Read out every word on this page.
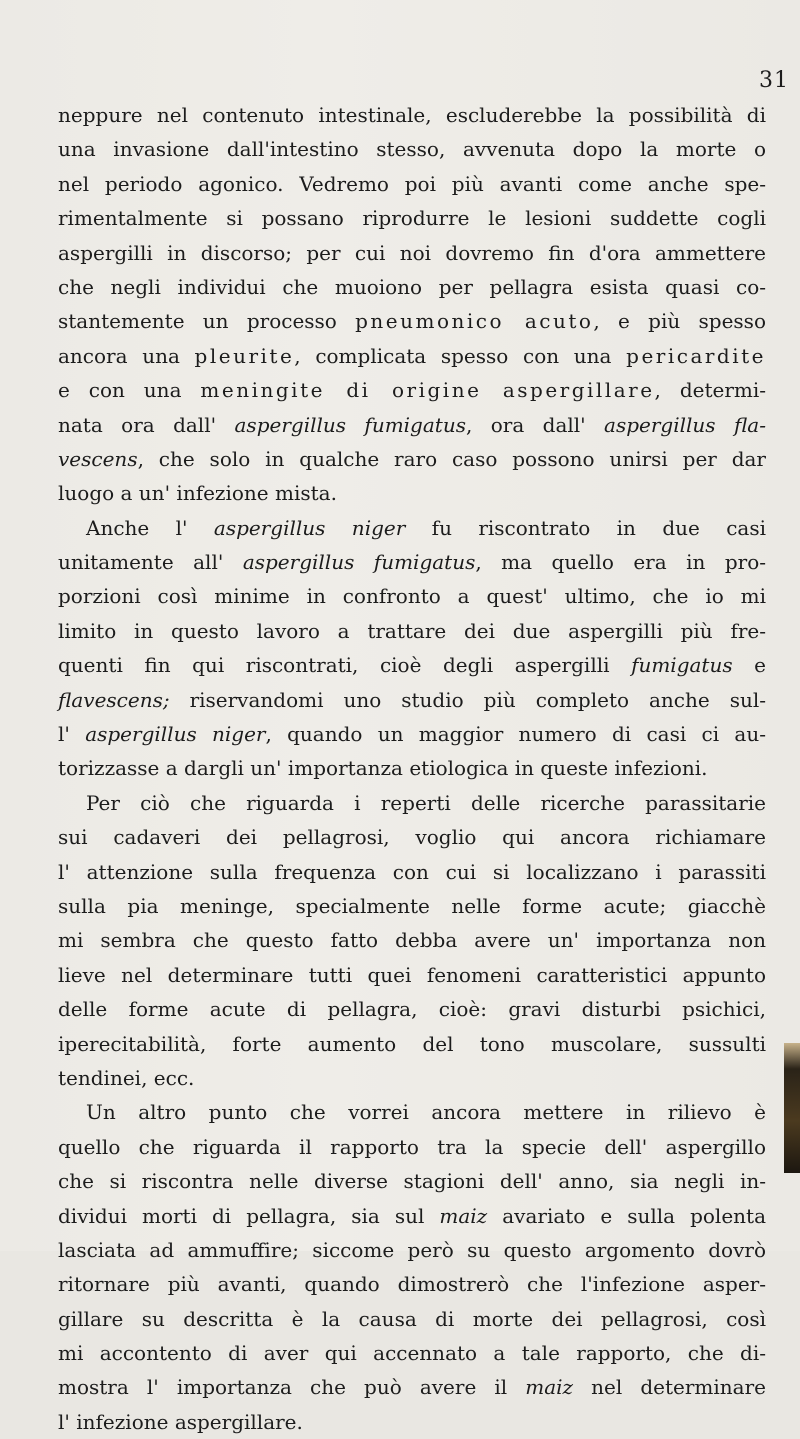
31
neppure nel contenuto intestinale, escluderebbe la possibilità di
una invasione dall'intestino stesso, avvenuta dopo la morte o
nel periodo agonico. Vedremo poi più avanti come anche spe-
rimentalmente si possano riprodurre le lesioni suddette cogli
aspergilli in discorso; per cui noi dovremo fin d'ora ammettere
che negli individui che muoiono per pellagra esista quasi co-
stantemente un processo pneumonico acuto, e più spesso
ancora una pleurite, complicata spesso con una pericardite
e con una meningite di origine aspergillare, determi-
nata ora dall' aspergillus fumigatus, ora dall' aspergillus fla-
vescens, che solo in qualche raro caso possono unirsi per dar
luogo a un' infezione mista.
Anche l' aspergillus niger fu riscontrato in due casi
unitamente all' aspergillus fumigatus, ma quello era in pro-
porzioni così minime in confronto a quest' ultimo, che io mi
limito in questo lavoro a trattare dei due aspergilli più fre-
quenti fin qui riscontrati, cioè degli aspergilli fumigatus e
flavescens; riservandomi uno studio più completo anche sul-
l' aspergillus niger, quando un maggior numero di casi ci au-
torizzasse a dargli un' importanza etiologica in queste infezioni.
Per ciò che riguarda i reperti delle ricerche parassitarie
sui cadaveri dei pellagrosi, voglio qui ancora richiamare
l' attenzione sulla frequenza con cui si localizzano i parassiti
sulla pia meninge, specialmente nelle forme acute; giacchè
mi sembra che questo fatto debba avere un' importanza non
lieve nel determinare tutti quei fenomeni caratteristici appunto
delle forme acute di pellagra, cioè: gravi disturbi psichici,
iperecitabilità, forte aumento del tono muscolare, sussulti
tendinei, ecc.
Un altro punto che vorrei ancora mettere in rilievo è
quello che riguarda il rapporto tra la specie dell' aspergillo
che si riscontra nelle diverse stagioni dell' anno, sia negli in-
dividui morti di pellagra, sia sul maiz avariato e sulla polenta
lasciata ad ammuffire; siccome però su questo argomento dovrò
ritornare più avanti, quando dimostrerò che l'infezione asper-
gillare su descritta è la causa di morte dei pellagrosi, così
mi accontento di aver qui accennato a tale rapporto, che di-
mostra l' importanza che può avere il maiz nel determinare
l' infezione aspergillare.
